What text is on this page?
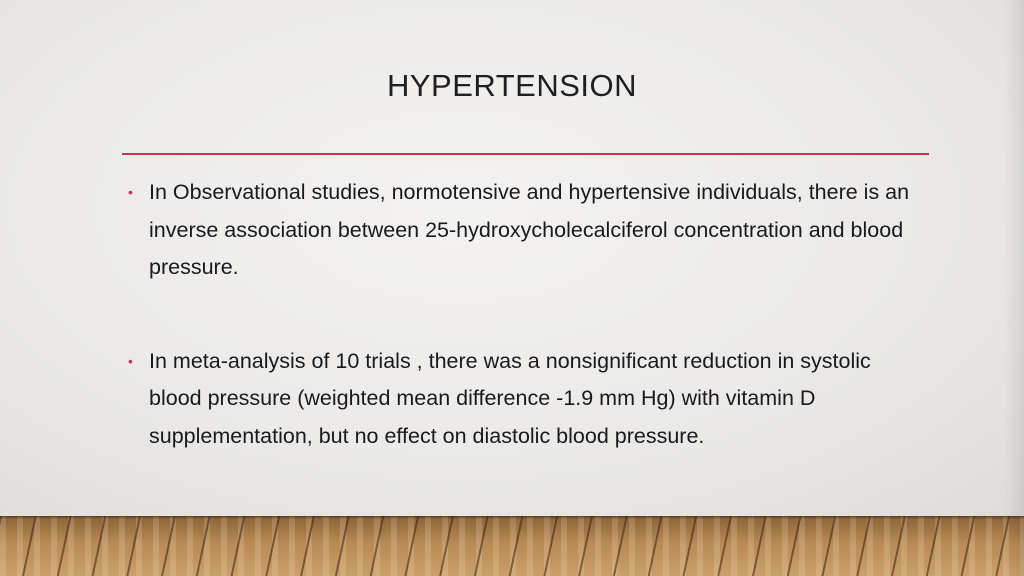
HYPERTENSION
• In Observational studies, normotensive and hypertensive individuals, there is an inverse association between 25-hydroxycholecalciferol concentration and blood pressure.
• In meta-analysis of 10 trials , there was a nonsignificant reduction in systolic blood pressure (weighted mean difference -1.9 mm Hg) with vitamin D supplementation, but no effect on diastolic blood pressure.
